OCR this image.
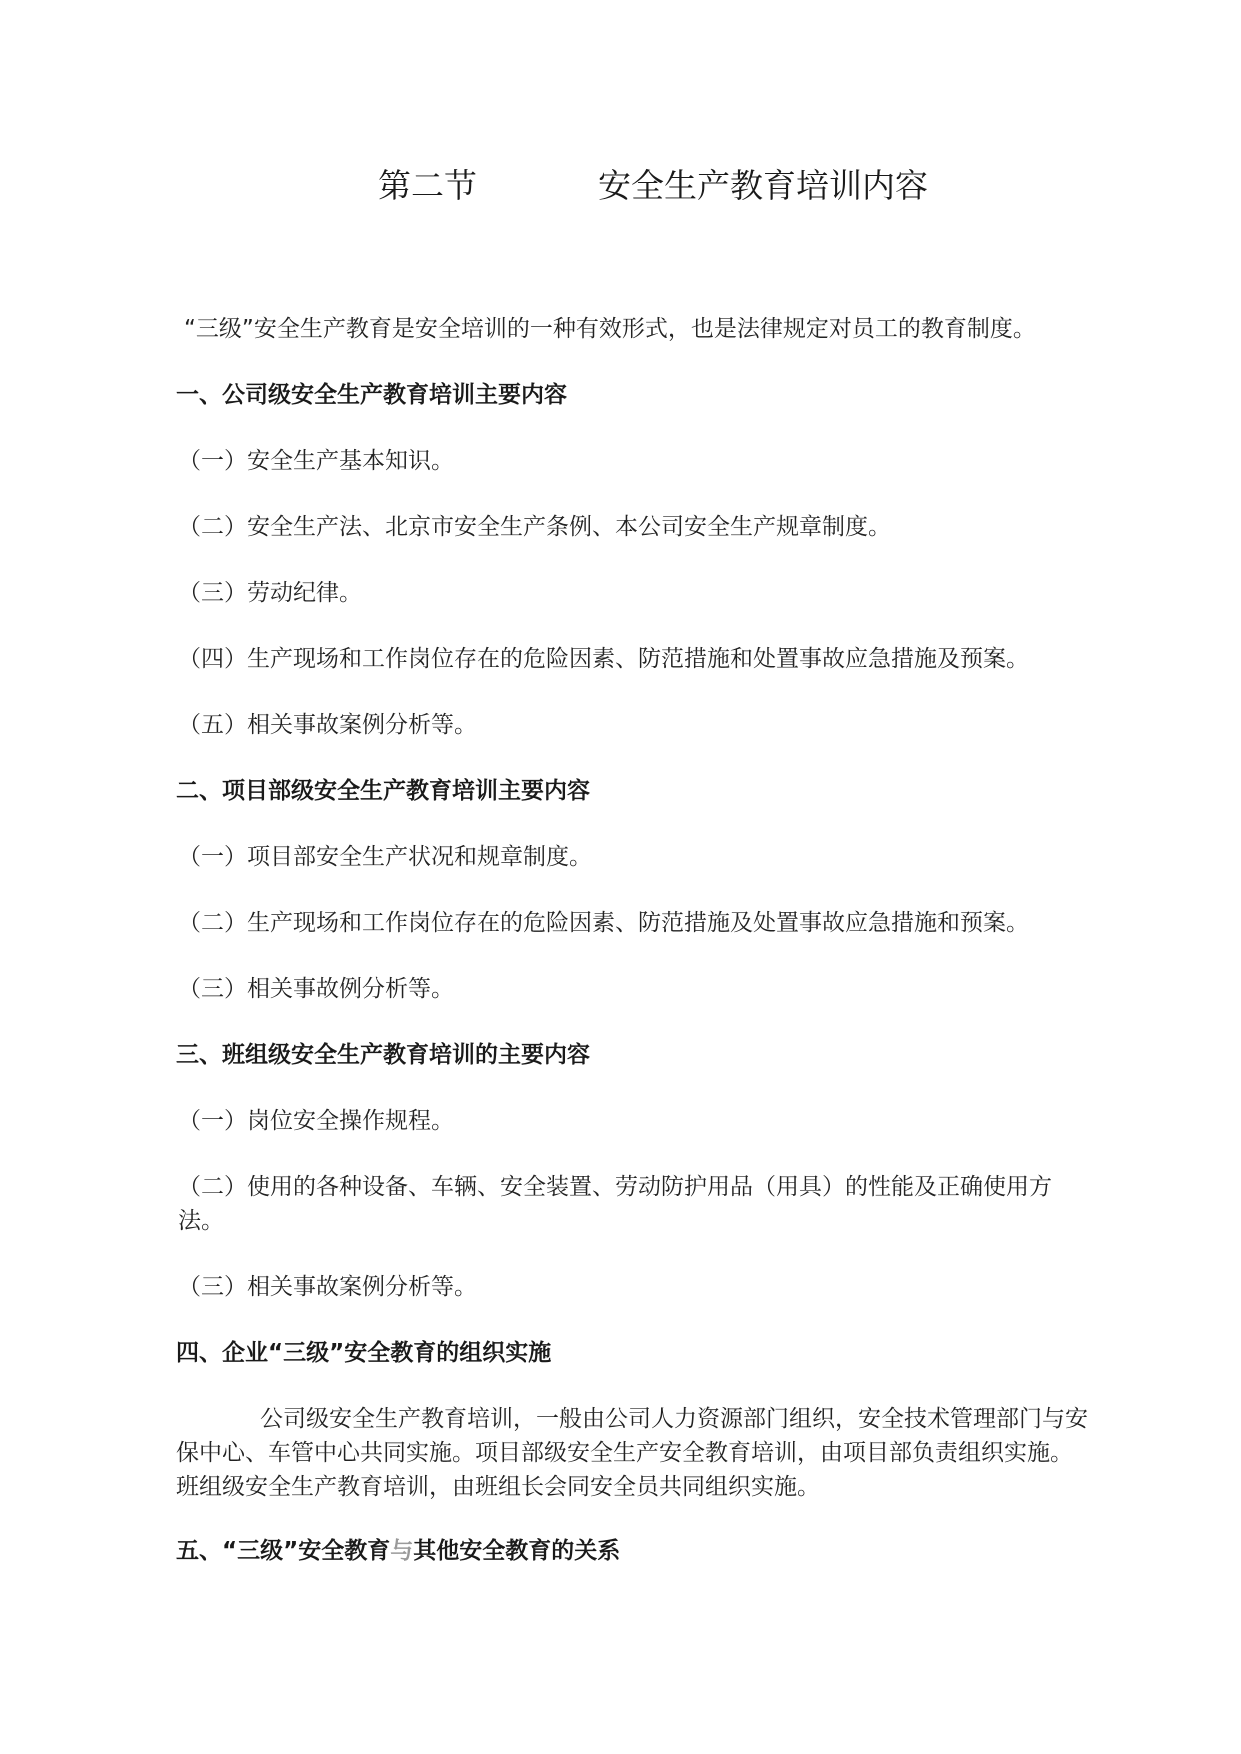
第二节	安全生产教育培训内容

“三级”安全生产教育是安全培训的一种有效形式，也是法律规定对员工的教育制度。

一、公司级安全生产教育培训主要内容

（一）安全生产基本知识。

（二）安全生产法、北京市安全生产条例、本公司安全生产规章制度。

（三）劳动纪律。

（四）生产现场和工作岗位存在的危险因素、防范措施和处置事故应急措施及预案。

（五）相关事故案例分析等。

二、项目部级安全生产教育培训主要内容

（一）项目部安全生产状况和规章制度。

（二）生产现场和工作岗位存在的危险因素、防范措施及处置事故应急措施和预案。

（三）相关事故例分析等。

三、班组级安全生产教育培训的主要内容

（一）岗位安全操作规程。

（二）使用的各种设备、车辆、安全装置、劳动防护用品（用具）的性能及正确使用方法。

（三）相关事故案例分析等。

四、企业“三级”安全教育的组织实施

公司级安全生产教育培训，一般由公司人力资源部门组织，安全技术管理部门与安保中心、车管中心共同实施。项目部级安全生产安全教育培训，由项目部负责组织实施。班组级安全生产教育培训，由班组长会同安全员共同组织实施。

五、“三级”安全教育与其他安全教育的关系
